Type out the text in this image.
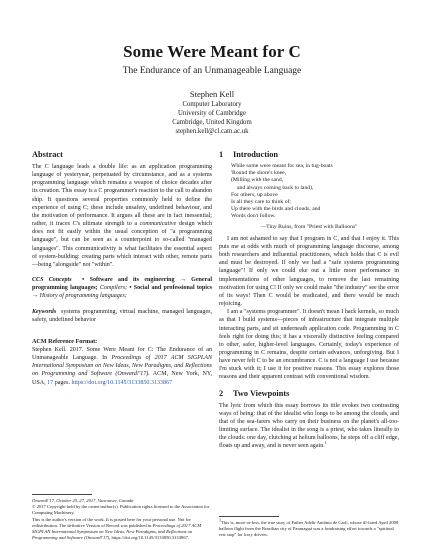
Some Were Meant for C
The Endurance of an Unmanageable Language
Stephen Kell
Computer Laboratory
University of Cambridge
Cambridge, United Kingdom
stephen.kell@cl.cam.ac.uk
Abstract

The C language leads a double life: as an application programming language of yesteryear, perpetuated by circumstance, and as a systems programming language which remains a weapon of choice decades after its creation. This essay is a C programmer's reaction to the call to abandon ship. It questions several properties commonly held to define the experience of using C; these include unsafety, undefined behaviour, and the motivation of performance. It argues all these are in fact inessential; rather, it traces C's ultimate strength to a communicative design which does not fit easily within the usual conception of "a programming language", but can be seen as a counterpoint to so-called "managed languages". This communicativity is what facilitates the essential aspect of system-building: creating parts which interact with other, remote parts—being "alongside" not "within".

CCS Concepts • Software and its engineering → General programming languages; Compilers; • Social and professional topics → History of programming languages;

Keywords systems programming, virtual machine, managed languages, safety, undefined behavior

ACM Reference Format:

Stephen Kell. 2017. Some Were Meant for C: The Endurance of an Unmanageable Language. In Proceedings of 2017 ACM SIGPLAN International Symposium on New Ideas, New Paradigms, and Reflections on Programming and Software (Onward!'17). ACM, New York, NY, USA, 17 pages. https://doi.org/10.1145/3133850.3133867

Onward!'17, October 25–27, 2017, Vancouver, Canada
© 2017 Copyright held by the owner/author(s). Publication rights licensed to the Association for Computing Machinery.
This is the author's version of the work. It is posted here for your personal use. Not for redistribution. The definitive Version of Record was published in Proceedings of 2017 ACM SIGPLAN International Symposium on New Ideas, New Paradigms, and Reflections on Programming and Software (Onward!'17), https://doi.org/10.1145/3133850.3133867.
1 Introduction
While some were meant for sea, in tug-boats
'Round the shore's knee,
(Milling with the sand,
and always coming back to land),
For others, up above
Is all they care to think of;
Up there with the birds and clouds, and
Words don't follow.
—Tiny Ruins, from "Priest with Balloons"

I am not ashamed to say that I program in C, and that I enjoy it. This puts me at odds with much of programming language discourse, among both researchers and influential practitioners, which holds that C is evil and must be destroyed. If only we had a "safe systems programming language"! If only we could eke out a little more performance in implementations of other languages, to remove the last remaining motivation for using C! If only we could make "the industry" see the error of its ways! Then C would be eradicated, and there would be much rejoicing.

I am a "systems programmer". It doesn't mean I hack kernels, so much as that I build systems—pieces of infrastructure that integrate multiple interacting parts, and sit underneath application code. Programming in C feels right for doing this; it has a viscerally distinctive feeling compared to other, safer, higher-level languages. Certainly, today's experience of programming in C remains, despite certain advances, unforgiving. But I have never felt C to be an encumbrance. C is not a language I use because I'm stuck with it; I use it for positive reasons. This essay explores those reasons and their apparent contrast with conventional wisdom.

2 Two Viewpoints

The lyric from which this essay borrows its title evokes two contrasting ways of being: that of the idealist who longs to be among the clouds, and that of the sea-farers who carry on their business on the planet's all-too-limiting surface. The idealist in the song is a priest, who takes literally to the clouds: one day, clutching at helium balloons, he steps off a cliff edge, floats up and away, and is never seen again.$^1$

1This is, more-or-less, the true story of Father Adelir Antônio de Carli, whose ill-fated April 2008 balloon flight from the Brazilian city of Paranaguá was a fundraising effort towards a "spiritual rest stop" for lorry drivers.
